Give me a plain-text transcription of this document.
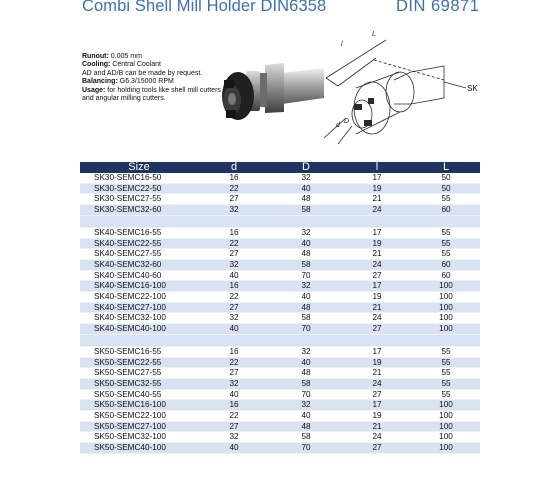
Combi Shell Mill Holder DIN6358	DIN 69871
Runout: 0.005 mm
Cooling: Central Coolant
AD and AD/B can be made by request.
Balancing: G6.3/15000 RPM
Usage: for holding tools like shell mill cutters and angular milling cutters.
SK
L
l
d
D
Size	d	D	l	L
SK30-SEMC16-50	16	32	17	50
SK30-SEMC22-50	22	40	19	50
SK30-SEMC27-55	27	48	21	55
SK30-SEMC32-60	32	58	24	60

SK40-SEMC16-55	16	32	17	55
SK40-SEMC22-55	22	40	19	55
SK40-SEMC27-55	27	48	21	55
SK40-SEMC32-60	32	58	24	60
SK40-SEMC40-60	40	70	27	60
SK40-SEMC16-100	16	32	17	100
SK40-SEMC22-100	22	40	19	100
SK40-SEMC27-100	27	48	21	100
SK40-SEMC32-100	32	58	24	100
SK40-SEMC40-100	40	70	27	100

SK50-SEMC16-55	16	32	17	55
SK50-SEMC22-55	22	40	19	55
SK50-SEMC27-55	27	48	21	55
SK50-SEMC32-55	32	58	24	55
SK50-SEMC40-55	40	70	27	55
SK50-SEMC16-100	16	32	17	100
SK50-SEMC22-100	22	40	19	100
SK50-SEMC27-100	27	48	21	100
SK50-SEMC32-100	32	58	24	100
SK50-SEMC40-100	40	70	27	100
